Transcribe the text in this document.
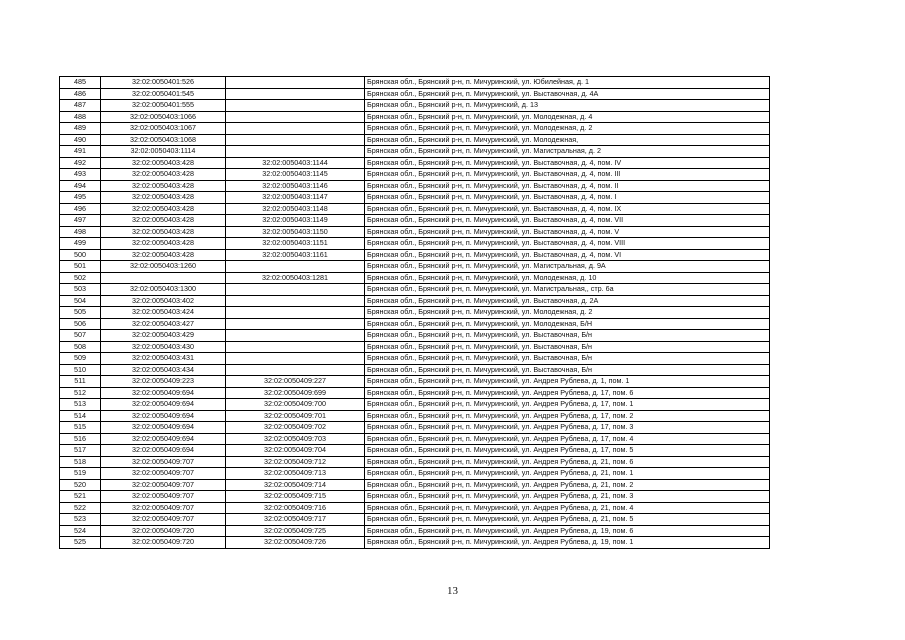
485	32:02:0050401:526		Брянская обл., Брянский р-н, п. Мичуринский, ул. Юбилейная, д. 1
486	32:02:0050401:545		Брянская обл., Брянский р-н, п. Мичуринский, ул. Выставочная, д. 4А
487	32:02:0050401:555		Брянская обл., Брянский р-н, п. Мичуринский, д. 13
488	32:02:0050403:1066		Брянская обл., Брянский р-н, п. Мичуринский, ул. Молодежная, д. 4
489	32:02:0050403:1067		Брянская обл., Брянский р-н, п. Мичуринский, ул. Молодежная, д. 2
490	32:02:0050403:1068		Брянская обл., Брянский р-н, п. Мичуринский, ул. Молодежная,
491	32:02:0050403:1114		Брянская обл., Брянский р-н, п. Мичуринский, ул. Магистральная, д. 2
492	32:02:0050403:428	32:02:0050403:1144	Брянская обл., Брянский р-н, п. Мичуринский, ул. Выставочная, д. 4, пом. IV
493	32:02:0050403:428	32:02:0050403:1145	Брянская обл., Брянский р-н, п. Мичуринский, ул. Выставочная, д. 4, пом. III
494	32:02:0050403:428	32:02:0050403:1146	Брянская обл., Брянский р-н, п. Мичуринский, ул. Выставочная, д. 4, пом. II
495	32:02:0050403:428	32:02:0050403:1147	Брянская обл., Брянский р-н, п. Мичуринский, ул. Выставочная, д. 4, пом. I
496	32:02:0050403:428	32:02:0050403:1148	Брянская обл., Брянский р-н, п. Мичуринский, ул. Выставочная, д. 4, пом. IX
497	32:02:0050403:428	32:02:0050403:1149	Брянская обл., Брянский р-н, п. Мичуринский, ул. Выставочная, д. 4, пом. VII
498	32:02:0050403:428	32:02:0050403:1150	Брянская обл., Брянский р-н, п. Мичуринский, ул. Выставочная, д. 4, пом. V
499	32:02:0050403:428	32:02:0050403:1151	Брянская обл., Брянский р-н, п. Мичуринский, ул. Выставочная, д. 4, пом. VIII
500	32:02:0050403:428	32:02:0050403:1161	Брянская обл., Брянский р-н, п. Мичуринский, ул. Выставочная, д. 4, пом. VI
501	32:02:0050403:1260		Брянская обл., Брянский р-н, п. Мичуринский, ул. Магистральная, д. 9А
502		32:02:0050403:1281	Брянская обл., Брянский р-н, п. Мичуринский, ул. Молодежная, д. 10
503	32:02:0050403:1300		Брянская обл., Брянский р-н, п. Мичуринский, ул. Магистральная,, стр. 6а
504	32:02:0050403:402		Брянская обл., Брянский р-н, п. Мичуринский, ул. Выставочная, д. 2А
505	32:02:0050403:424		Брянская обл., Брянский р-н, п. Мичуринский, ул. Молодежная, д. 2
506	32:02:0050403:427		Брянская обл., Брянский р-н, п. Мичуринский, ул. Молодежная, Б/Н
507	32:02:0050403:429		Брянская обл., Брянский р-н, п. Мичуринский, ул. Выставочная, Б/н
508	32:02:0050403:430		Брянская обл., Брянский р-н, п. Мичуринский, ул. Выставочная, Б/н
509	32:02:0050403:431		Брянская обл., Брянский р-н, п. Мичуринский, ул. Выставочная, Б/н
510	32:02:0050403:434		Брянская обл., Брянский р-н, п. Мичуринский, ул. Выставочная, Б/н
511	32:02:0050409:223	32:02:0050409:227	Брянская обл., Брянский р-н, п. Мичуринский, ул. Андрея Рублева, д. 1, пом. 1
512	32:02:0050409:694	32:02:0050409:699	Брянская обл., Брянский р-н, п. Мичуринский, ул. Андрея Рублева, д. 17, пом. 6
513	32:02:0050409:694	32:02:0050409:700	Брянская обл., Брянский р-н, п. Мичуринский, ул. Андрея Рублева, д. 17, пом. 1
514	32:02:0050409:694	32:02:0050409:701	Брянская обл., Брянский р-н, п. Мичуринский, ул. Андрея Рублева, д. 17, пом. 2
515	32:02:0050409:694	32:02:0050409:702	Брянская обл., Брянский р-н, п. Мичуринский, ул. Андрея Рублева, д. 17, пом. 3
516	32:02:0050409:694	32:02:0050409:703	Брянская обл., Брянский р-н, п. Мичуринский, ул. Андрея Рублева, д. 17, пом. 4
517	32:02:0050409:694	32:02:0050409:704	Брянская обл., Брянский р-н, п. Мичуринский, ул. Андрея Рублева, д. 17, пом. 5
518	32:02:0050409:707	32:02:0050409:712	Брянская обл., Брянский р-н, п. Мичуринский, ул. Андрея Рублева, д. 21, пом. 6
519	32:02:0050409:707	32:02:0050409:713	Брянская обл., Брянский р-н, п. Мичуринский, ул. Андрея Рублева, д. 21, пом. 1
520	32:02:0050409:707	32:02:0050409:714	Брянская обл., Брянский р-н, п. Мичуринский, ул. Андрея Рублева, д. 21, пом. 2
521	32:02:0050409:707	32:02:0050409:715	Брянская обл., Брянский р-н, п. Мичуринский, ул. Андрея Рублева, д. 21, пом. 3
522	32:02:0050409:707	32:02:0050409:716	Брянская обл., Брянский р-н, п. Мичуринский, ул. Андрея Рублева, д. 21, пом. 4
523	32:02:0050409:707	32:02:0050409:717	Брянская обл., Брянский р-н, п. Мичуринский, ул. Андрея Рублева, д. 21, пом. 5
524	32:02:0050409:720	32:02:0050409:725	Брянская обл., Брянский р-н, п. Мичуринский, ул. Андрея Рублева, д. 19, пом. 6
525	32:02:0050409:720	32:02:0050409:726	Брянская обл., Брянский р-н, п. Мичуринский, ул. Андрея Рублева, д. 19, пом. 1
13
